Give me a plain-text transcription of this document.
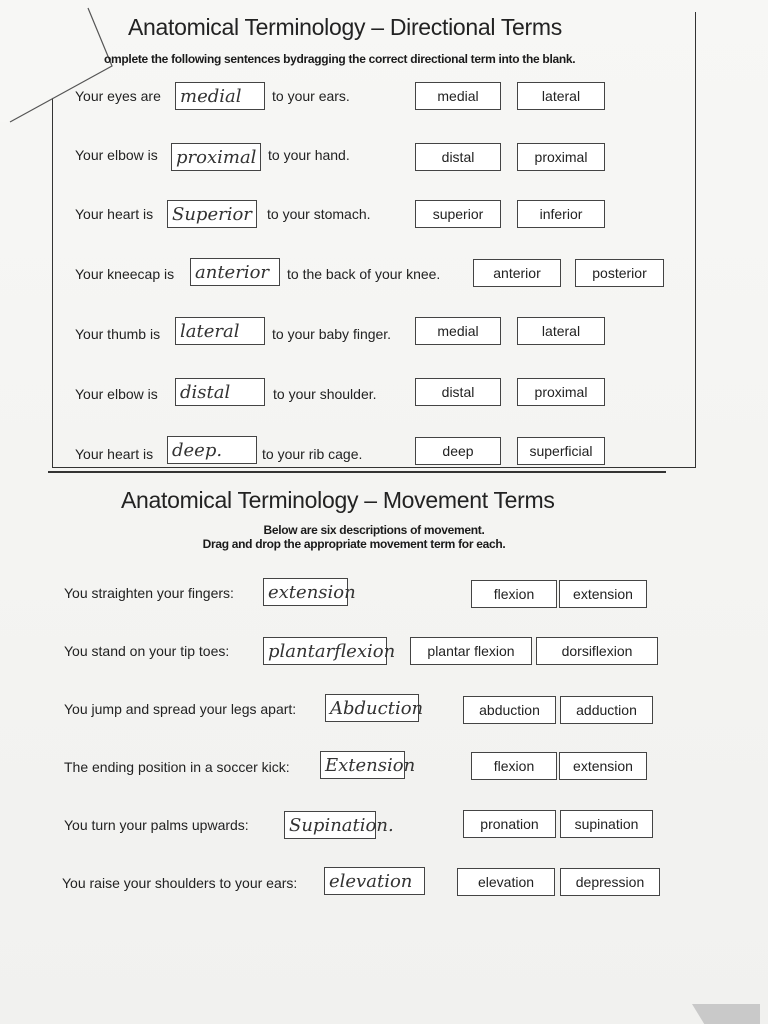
Anatomical Terminology – Directional Terms
omplete the following sentences bydragging the correct directional term into the blank.
Your eyes are medial	to your ears.	medial	lateral
Your elbow is proximal to your hand.	distal	proximal
Your heart is Superior	to your stomach.	superior	inferior
Your kneecap is anterior	to the back of your knee.	anterior	posterior
Your thumb is lateral	to your baby finger.	medial	lateral
Your elbow is distal	to your shoulder.	distal	proximal
Your heart is deep.	to your rib cage.	deep	superficial
Anatomical Terminology – Movement Terms
Below are six descriptions of movement.
Drag and drop the appropriate movement term for each.
You straighten your fingers: extension	flexion	extension
You stand on your tip toes: plantarflexion	plantar flexion	dorsiflexion
You jump and spread your legs apart: Abduction	abduction	adduction
The ending position in a soccer kick: Extension	flexion	extension
You turn your palms upwards: Supination.	pronation	supination
You raise your shoulders to your ears: elevation	elevation	depression
